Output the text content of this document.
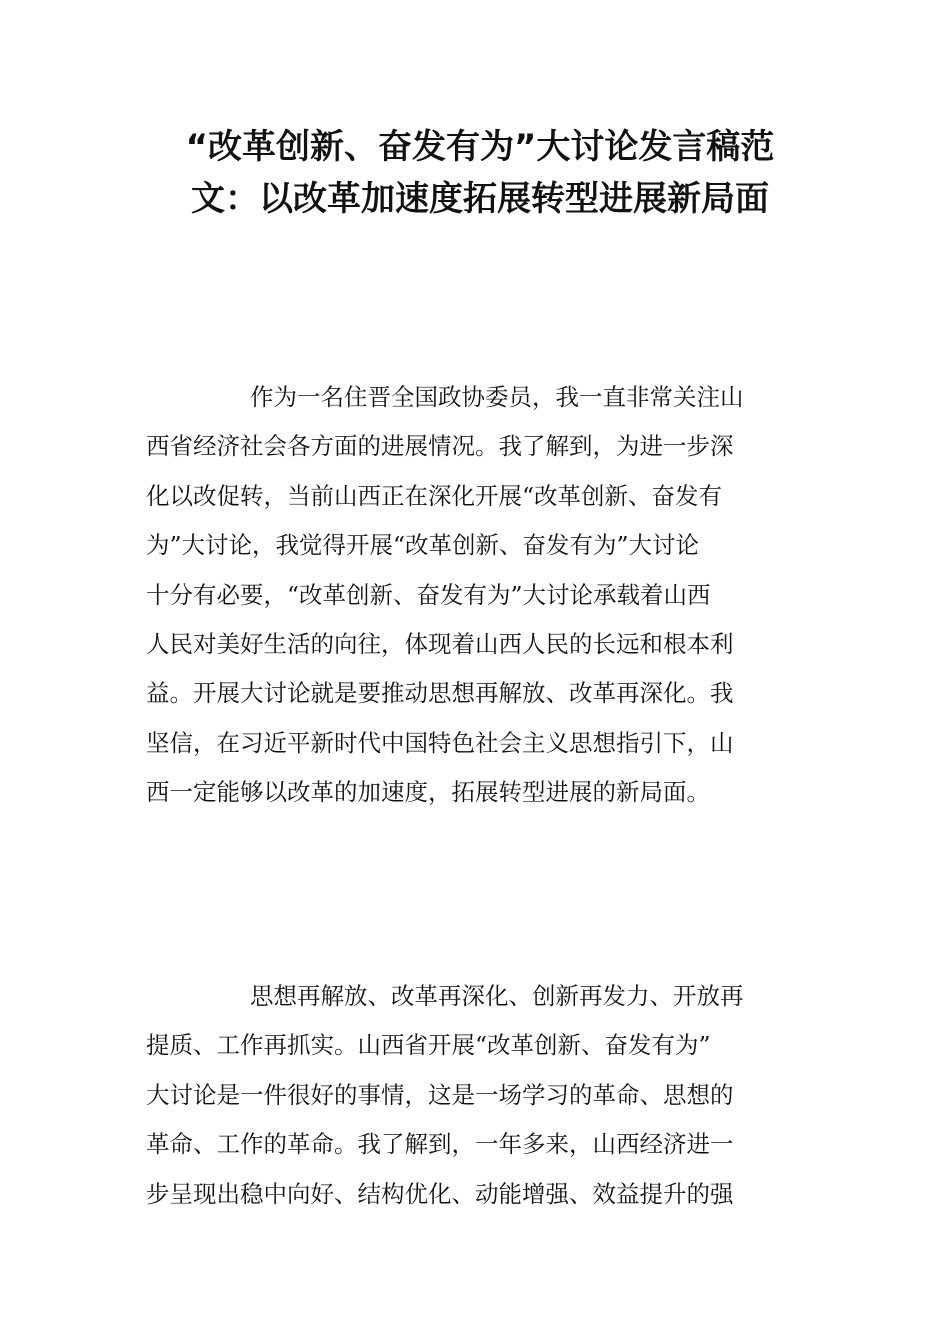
“改革创新、奋发有为”大讨论发言稿范
文：以改革加速度拓展转型进展新局面
作为一名住晋全国政协委员，我一直非常关注山
西省经济社会各方面的进展情况。我了解到，为进一步深
化以改促转，当前山西正在深化开展“改革创新、奋发有
为”大讨论，我觉得开展“改革创新、奋发有为”大讨论
十分有必要，“改革创新、奋发有为”大讨论承载着山西
人民对美好生活的向往，体现着山西人民的长远和根本利
益。开展大讨论就是要推动思想再解放、改革再深化。我
坚信，在习近平新时代中国特色社会主义思想指引下，山
西一定能够以改革的加速度，拓展转型进展的新局面。
思想再解放、改革再深化、创新再发力、开放再
提质、工作再抓实。山西省开展“改革创新、奋发有为”
大讨论是一件很好的事情，这是一场学习的革命、思想的
革命、工作的革命。我了解到，一年多来，山西经济进一
步呈现出稳中向好、结构优化、动能增强、效益提升的强
